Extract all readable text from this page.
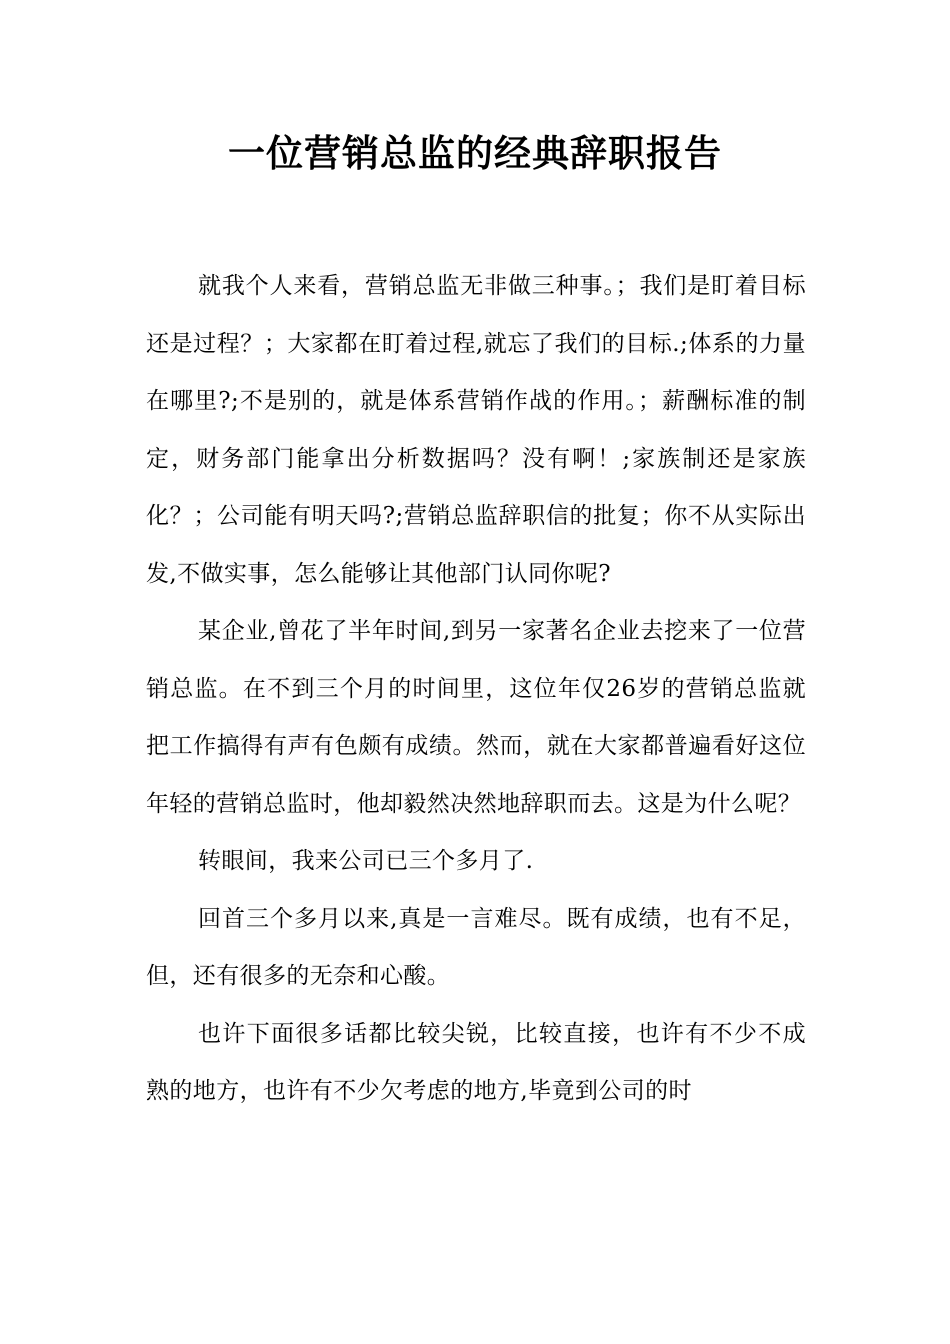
一位营销总监的经典辞职报告

就我个人来看，营销总监无非做三种事。；我们是盯着目标还是过程？；大家都在盯着过程,就忘了我们的目标.;体系的力量在哪里?;不是别的，就是体系营销作战的作用。；薪酬标准的制定，财务部门能拿出分析数据吗？没有啊！;家族制还是家族化？；公司能有明天吗?;营销总监辞职信的批复；你不从实际出发,不做实事，怎么能够让其他部门认同你呢?

某企业,曾花了半年时间,到另一家著名企业去挖来了一位营销总监。在不到三个月的时间里，这位年仅26岁的营销总监就把工作搞得有声有色颇有成绩。然而，就在大家都普遍看好这位年轻的营销总监时，他却毅然决然地辞职而去。这是为什么呢？

转眼间，我来公司已三个多月了.

回首三个多月以来,真是一言难尽。既有成绩，也有不足，但，还有很多的无奈和心酸。

也许下面很多话都比较尖锐，比较直接，也许有不少不成熟的地方，也许有不少欠考虑的地方,毕竟到公司的时
